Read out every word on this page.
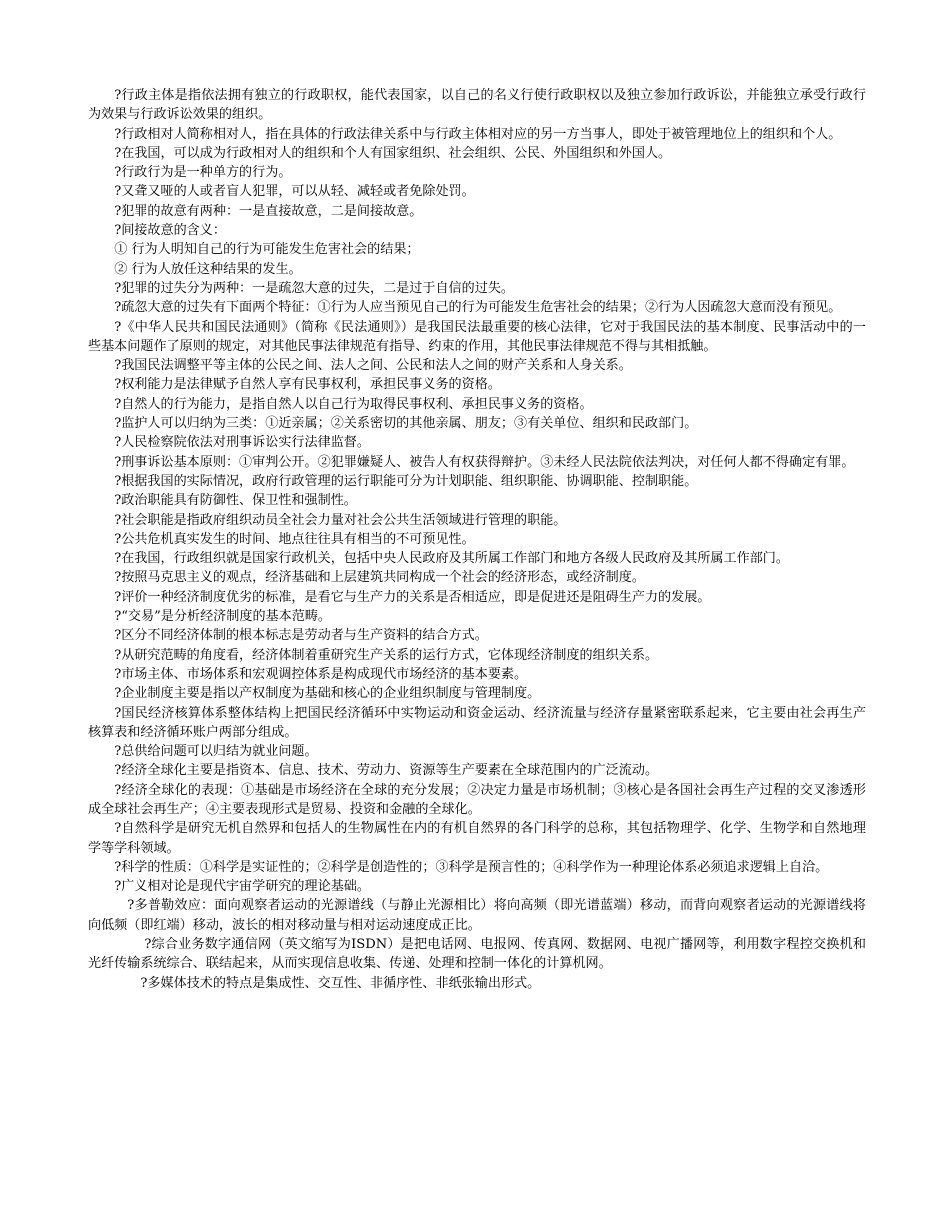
?行政主体是指依法拥有独立的行政职权，能代表国家，以自己的名义行使行政职权以及独立参加行政诉讼，并能独立承受行政行为效果与行政诉讼效果的组织。

?行政相对人简称相对人，指在具体的行政法律关系中与行政主体相对应的另一方当事人，即处于被管理地位上的组织和个人。

?在我国，可以成为行政相对人的组织和个人有国家组织、社会组织、公民、外国组织和外国人。

?行政行为是一种单方的行为。

?又聋又哑的人或者盲人犯罪，可以从轻、减轻或者免除处罚。

?犯罪的故意有两种：一是直接故意，二是间接故意。

?间接故意的含义：

① 行为人明知自己的行为可能发生危害社会的结果；

② 行为人放任这种结果的发生。

?犯罪的过失分为两种：一是疏忽大意的过失，二是过于自信的过失。

?疏忽大意的过失有下面两个特征：①行为人应当预见自己的行为可能发生危害社会的结果；②行为人因疏忽大意而没有预见。

?《中华人民共和国民法通则》（简称《民法通则》）是我国民法最重要的核心法律，它对于我国民法的基本制度、民事活动中的一些基本问题作了原则的规定，对其他民事法律规范有指导、约束的作用，其他民事法律规范不得与其相抵触。

?我国民法调整平等主体的公民之间、法人之间、公民和法人之间的财产关系和人身关系。

?权利能力是法律赋予自然人享有民事权利，承担民事义务的资格。

?自然人的行为能力，是指自然人以自己行为取得民事权利、承担民事义务的资格。

?监护人可以归纳为三类：①近亲属；②关系密切的其他亲属、朋友；③有关单位、组织和民政部门。

?人民检察院依法对刑事诉讼实行法律监督。

?刑事诉讼基本原则：①审判公开。②犯罪嫌疑人、被告人有权获得辩护。③未经人民法院依法判决，对任何人都不得确定有罪。

?根据我国的实际情况，政府行政管理的运行职能可分为计划职能、组织职能、协调职能、控制职能。

?政治职能具有防御性、保卫性和强制性。

?社会职能是指政府组织动员全社会力量对社会公共生活领域进行管理的职能。

?公共危机真实发生的时间、地点往往具有相当的不可预见性。

?在我国，行政组织就是国家行政机关，包括中央人民政府及其所属工作部门和地方各级人民政府及其所属工作部门。

?按照马克思主义的观点，经济基础和上层建筑共同构成一个社会的经济形态，或经济制度。

?评价一种经济制度优劣的标准，是看它与生产力的关系是否相适应，即是促进还是阻碍生产力的发展。

?“交易”是分析经济制度的基本范畴。

?区分不同经济体制的根本标志是劳动者与生产资料的结合方式。

?从研究范畴的角度看，经济体制着重研究生产关系的运行方式，它体现经济制度的组织关系。

?市场主体、市场体系和宏观调控体系是构成现代市场经济的基本要素。

?企业制度主要是指以产权制度为基础和核心的企业组织制度与管理制度。

?国民经济核算体系整体结构上把国民经济循环中实物运动和资金运动、经济流量与经济存量紧密联系起来，它主要由社会再生产核算表和经济循环账户两部分组成。

?总供给问题可以归结为就业问题。

?经济全球化主要是指资本、信息、技术、劳动力、资源等生产要素在全球范围内的广泛流动。

?经济全球化的表现：①基础是市场经济在全球的充分发展；②决定力量是市场机制；③核心是各国社会再生产过程的交叉渗透形成全球社会再生产；④主要表现形式是贸易、投资和金融的全球化。

?自然科学是研究无机自然界和包括人的生物属性在内的有机自然界的各门科学的总称，其包括物理学、化学、生物学和自然地理学等学科领域。

?科学的性质：①科学是实证性的；②科学是创造性的；③科学是预言性的；④科学作为一种理论体系必须追求逻辑上自洽。

?广义相对论是现代宇宙学研究的理论基础。

?多普勒效应：面向观察者运动的光源谱线（与静止光源相比）将向高频（即光谱蓝端）移动，而背向观察者运动的光源谱线将向低频（即红端）移动，波长的相对移动量与相对运动速度成正比。

?综合业务数字通信网（英文缩写为ISDN）是把电话网、电报网、传真网、数据网、电视广播网等，利用数字程控交换机和光纤传输系统综合、联结起来，从而实现信息收集、传递、处理和控制一体化的计算机网。

?多媒体技术的特点是集成性、交互性、非循序性、非纸张输出形式。
